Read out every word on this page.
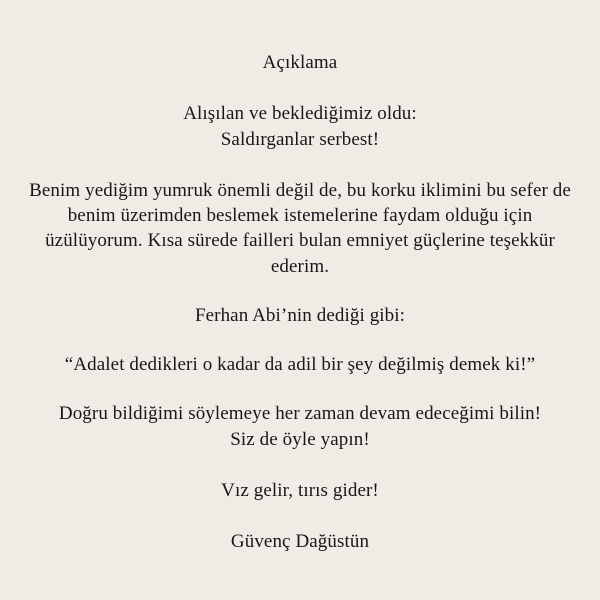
Açıklama
Alışılan ve beklediğimiz oldu:
Saldırganlar serbest!
Benim yediğim yumruk önemli değil de, bu korku iklimini bu sefer de benim üzerimden beslemek istemelerine faydam olduğu için üzülüyorum. Kısa sürede failleri bulan emniyet güçlerine teşekkür ederim.
Ferhan Abi’nin dediği gibi:
“Adalet dedikleri o kadar da adil bir şey değilmiş demek ki!”
Doğru bildiğimi söylemeye her zaman devam edeceğimi bilin!
Siz de öyle yapın!
Vız gelir, tırıs gider!
Güvenç Dağüstün
